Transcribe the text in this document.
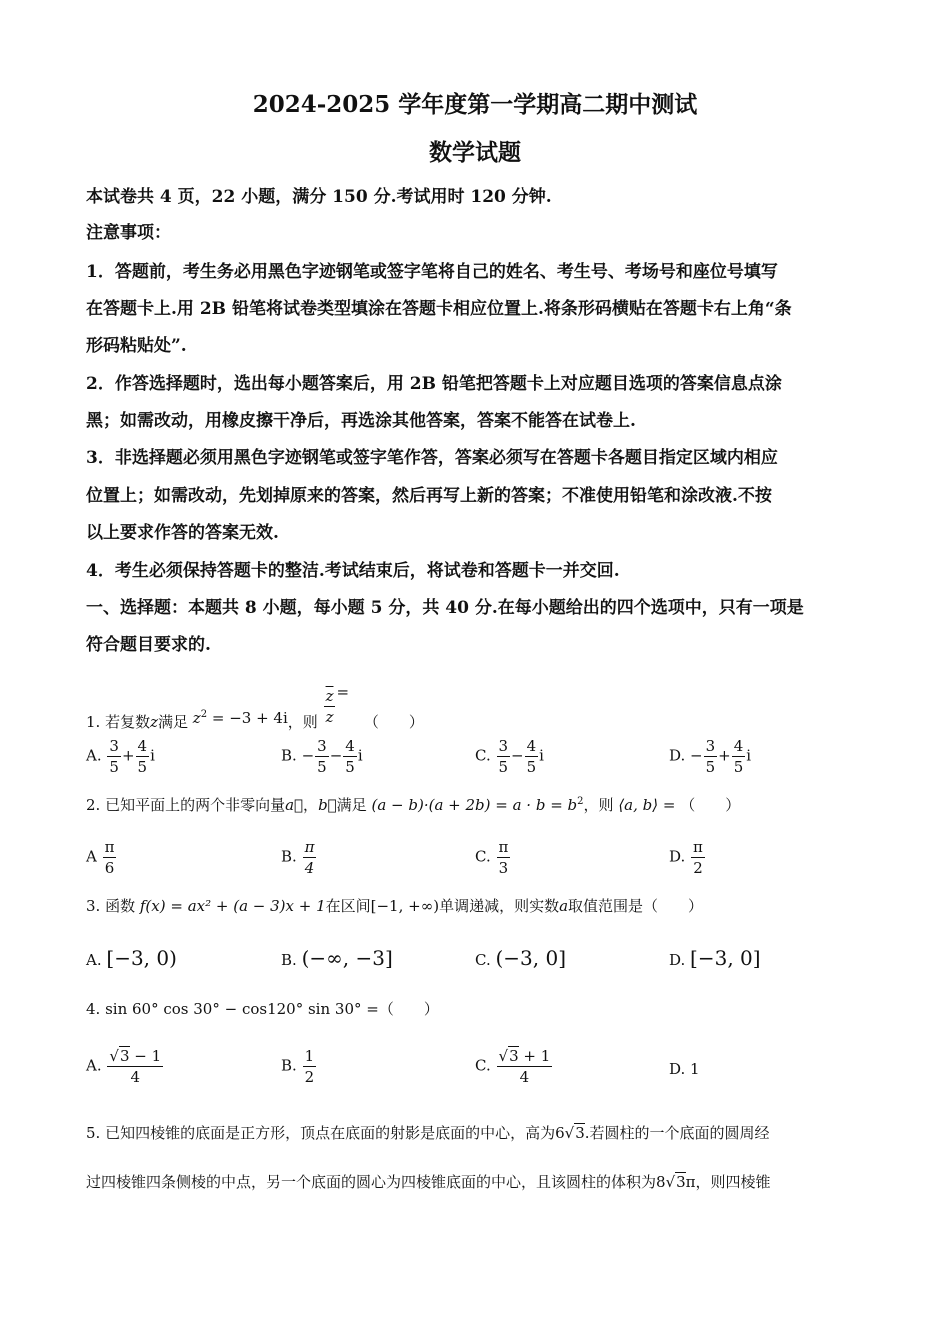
2024-2025 学年度第一学期高二期中测试
数学试题
本试卷共 4 页，22 小题，满分 150 分.考试用时 120 分钟.
注意事项：
1．答题前，考生务必用黑色字迹钢笔或签字笔将自己的姓名、考生号、考场号和座位号填写
在答题卡上.用 2B 铅笔将试卷类型填涂在答题卡相应位置上.将条形码横贴在答题卡右上角“条
形码粘贴处”.
2．作答选择题时，选出每小题答案后，用 2B 铅笔把答题卡上对应题目选项的答案信息点涂
黑；如需改动，用橡皮擦干净后，再选涂其他答案，答案不能答在试卷上.
3．非选择题必须用黑色字迹钢笔或签字笔作答，答案必须写在答题卡各题目指定区域内相应
位置上；如需改动，先划掉原来的答案，然后再写上新的答案；不准使用铅笔和涂改液.不按
以上要求作答的答案无效.
4．考生必须保持答题卡的整洁.考试结束后，将试卷和答题卡一并交回.
一、选择题：本题共 8 小题，每小题 5 分，共 40 分.在每小题给出的四个选项中，只有一项是
符合题目要求的.
1. 若复数z满足 $z^2 = -3 + 4i$，则 $\frac{\overline{z}}{z}$ = （　　）
A. $\frac{3}{5} + \frac{4}{5}$ i	B. − $\frac{3}{5} - \frac{4}{5}$ i	C. $\frac{3}{5} - \frac{4}{5}$ i	D. − $\frac{3}{5} + \frac{4}{5}$ i
2. 已知平面上的两个非零向量a⃗，b⃗满足 $(a - b)\cdot(a + 2b) = a \cdot b = b^2$，则 ⟨a, b⟩ = （　　）
A $\frac{\pi}{6}$	B. $\frac{\pi}{4}$	C. $\frac{\pi}{3}$	D. $\frac{\pi}{2}$
3. 函数 f(x) = ax² + (a − 3)x + 1在区间[−1, +∞)单调递减，则实数a取值范围是（　　）
A. [−3, 0)	B. (−∞, −3]	C. (−3, 0]	D. [−3, 0]
4. sin 60° cos 30° − cos120° sin 30° =（　　）
A. $\frac{√3 - 1}{4}$	B. $\frac{1}{2}$	C. $\frac{√3 + 1}{4}$	D. 1
5. 已知四棱锥的底面是正方形，顶点在底面的射影是底面的中心，高为6√3.若圆柱的一个底面的圆周经
过四棱锥四条侧棱的中点，另一个底面的圆心为四棱锥底面的中心，且该圆柱的体积为8√3π，则四棱锥
